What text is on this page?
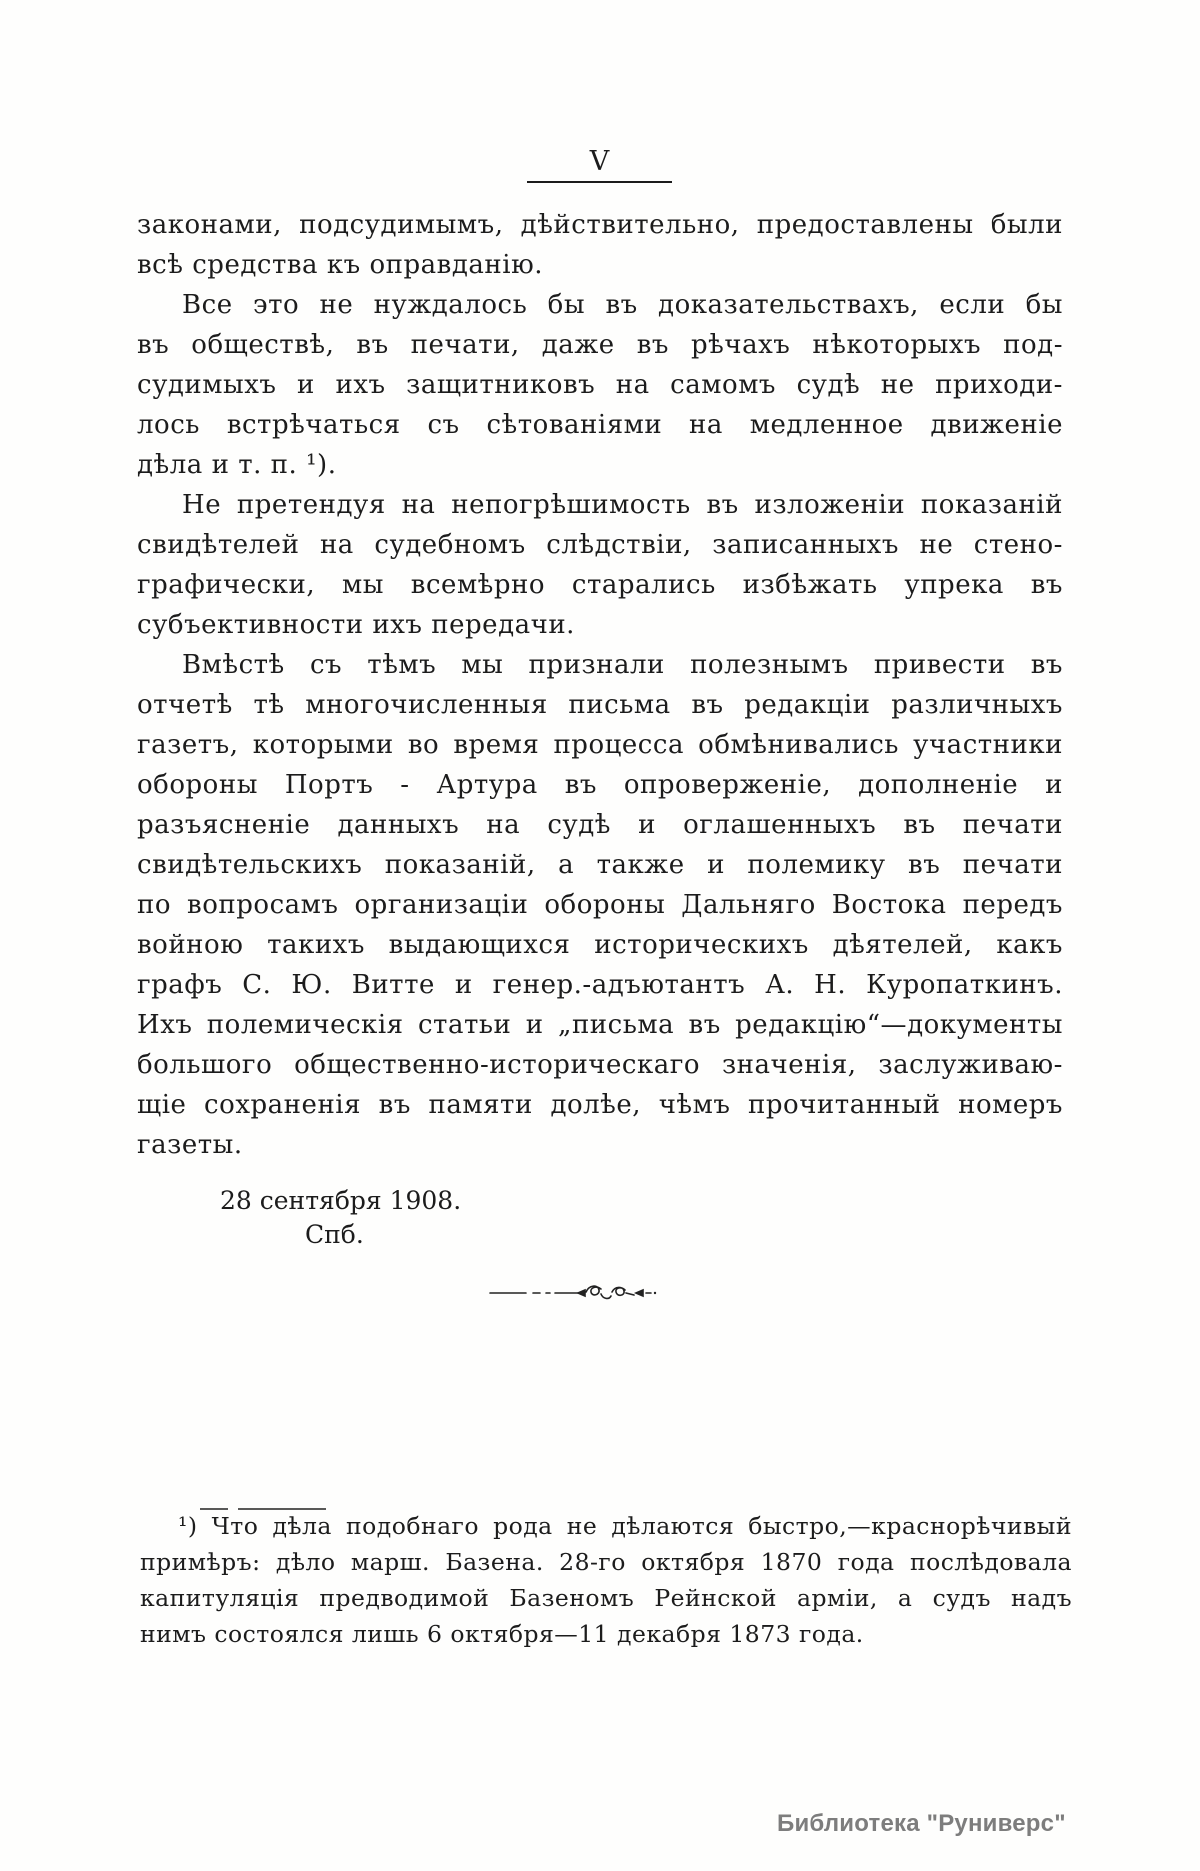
V
законами, подсудимымъ, дѣйствительно, предоставлены были
всѣ средства къ оправданію.
Все это не нуждалось бы въ доказательствахъ, если бы
въ обществѣ, въ печати, даже въ рѣчахъ нѣкоторыхъ под-
судимыхъ и ихъ защитниковъ на самомъ судѣ не приходи-
лось встрѣчаться съ сѣтованіями на медленное движеніе
дѣла и т. п. ¹).
Не претендуя на непогрѣшимость въ изложеніи показаній
свидѣтелей на судебномъ слѣдствіи, записанныхъ не стено-
графически, мы всемѣрно старались избѣжать упрека въ
субъективности ихъ передачи.
Вмѣстѣ съ тѣмъ мы признали полезнымъ привести въ
отчетѣ тѣ многочисленныя письма въ редакціи различныхъ
газетъ, которыми во время процесса обмѣнивались участники
обороны Портъ - Артура въ опроверженіе, дополненіе и
разъясненіе данныхъ на судѣ и оглашенныхъ въ печати
свидѣтельскихъ показаній, а также и полемику въ печати
по вопросамъ организаціи обороны Дальняго Востока передъ
войною такихъ выдающихся историческихъ дѣятелей, какъ
графъ С. Ю. Витте и генер.-адъютантъ А. Н. Куропаткинъ.
Ихъ полемическія статьи и „письма въ редакцію“—документы
большого общественно-историческаго значенія, заслуживаю-
щіе сохраненія въ памяти долѣе, чѣмъ прочитанный номеръ
газеты.
28 сентября 1908.
Спб.
¹) Что дѣла подобнаго рода не дѣлаются быстро,—краснорѣчивый
примѣръ: дѣло марш. Базена. 28-го октября 1870 года послѣдовала
капитуляція предводимой Базеномъ Рейнской арміи, а судъ надъ
нимъ состоялся лишь 6 октября—11 декабря 1873 года.
Библиотека "Руниверс"
